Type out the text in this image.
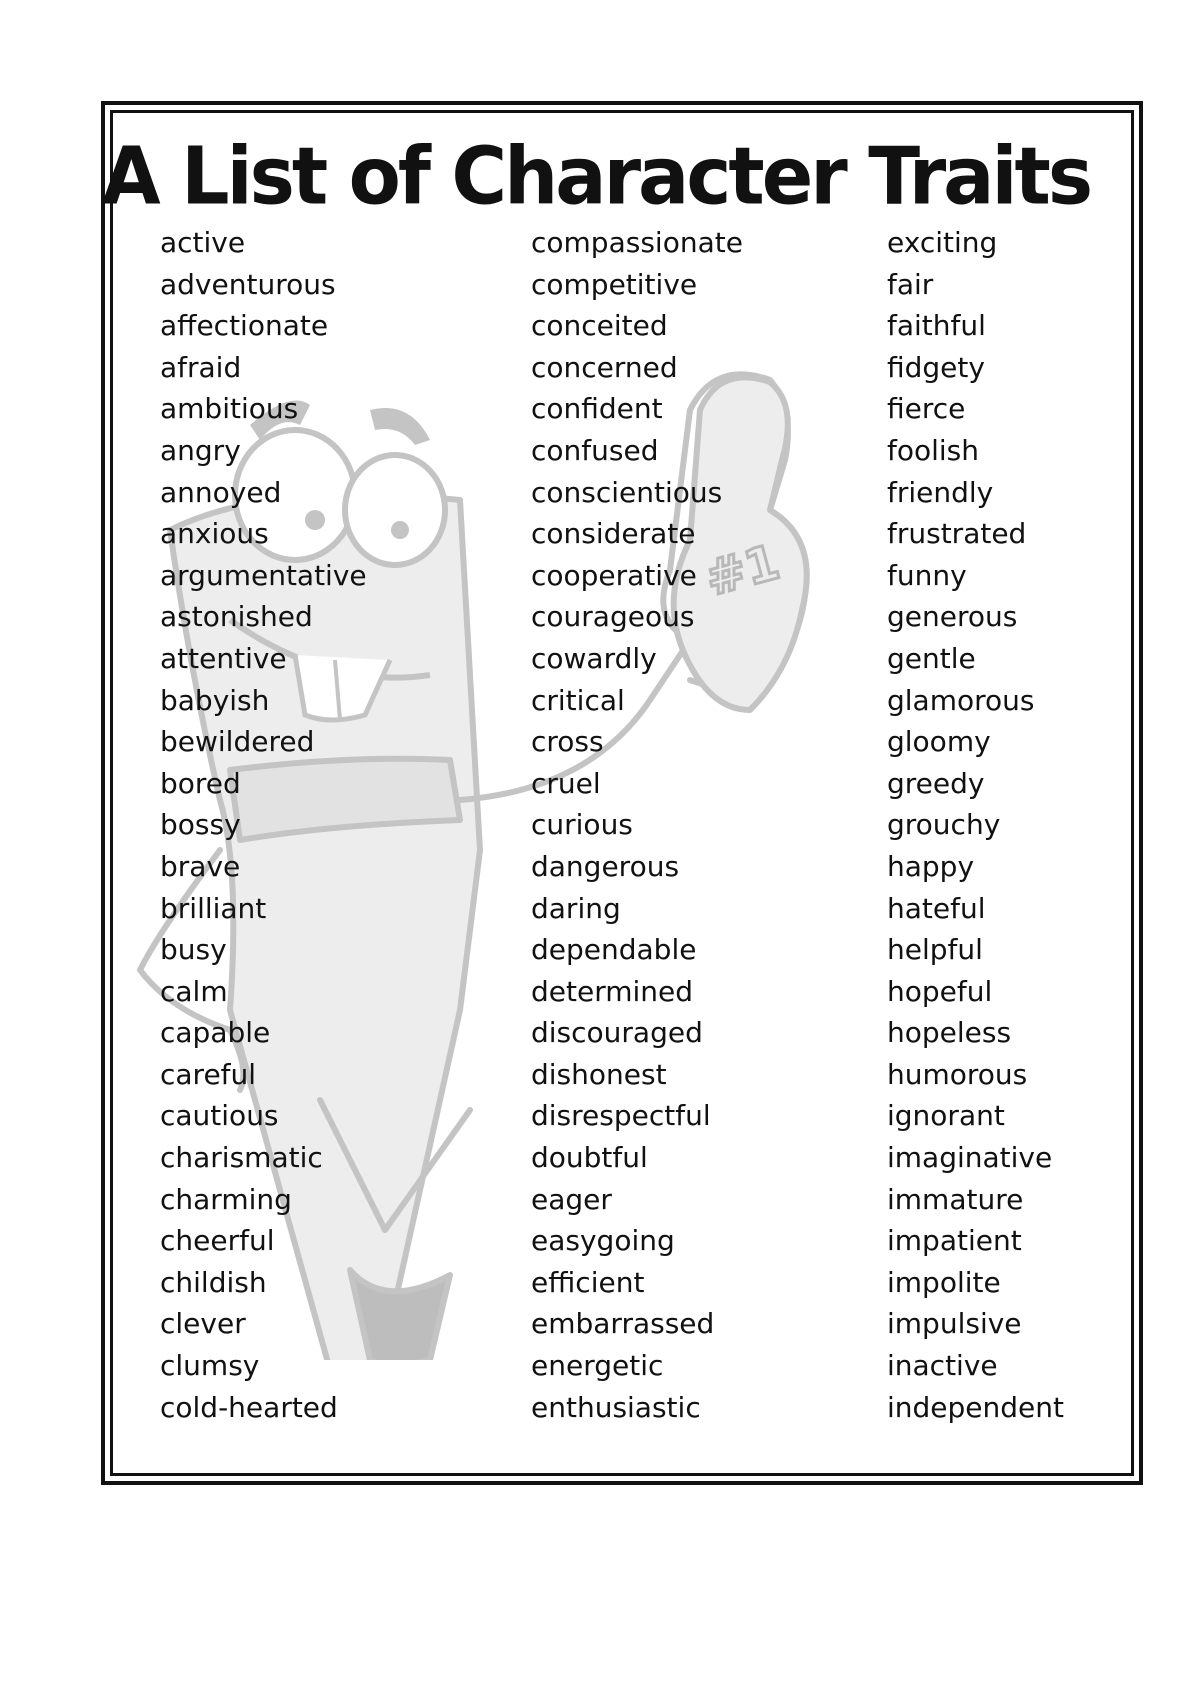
#1
A List of Character Traits
active
adventurous
affectionate
afraid
ambitious
angry
annoyed
anxious
argumentative
astonished
attentive
babyish
bewildered
bored
bossy
brave
brilliant
busy
calm
capable
careful
cautious
charismatic
charming
cheerful
childish
clever
clumsy
cold-hearted
compassionate
competitive
conceited
concerned
confident
confused
conscientious
considerate
cooperative
courageous
cowardly
critical
cross
cruel
curious
dangerous
daring
dependable
determined
discouraged
dishonest
disrespectful
doubtful
eager
easygoing
efficient
embarrassed
energetic
enthusiastic
exciting
fair
faithful
fidgety
fierce
foolish
friendly
frustrated
funny
generous
gentle
glamorous
gloomy
greedy
grouchy
happy
hateful
helpful
hopeful
hopeless
humorous
ignorant
imaginative
immature
impatient
impolite
impulsive
inactive
independent
